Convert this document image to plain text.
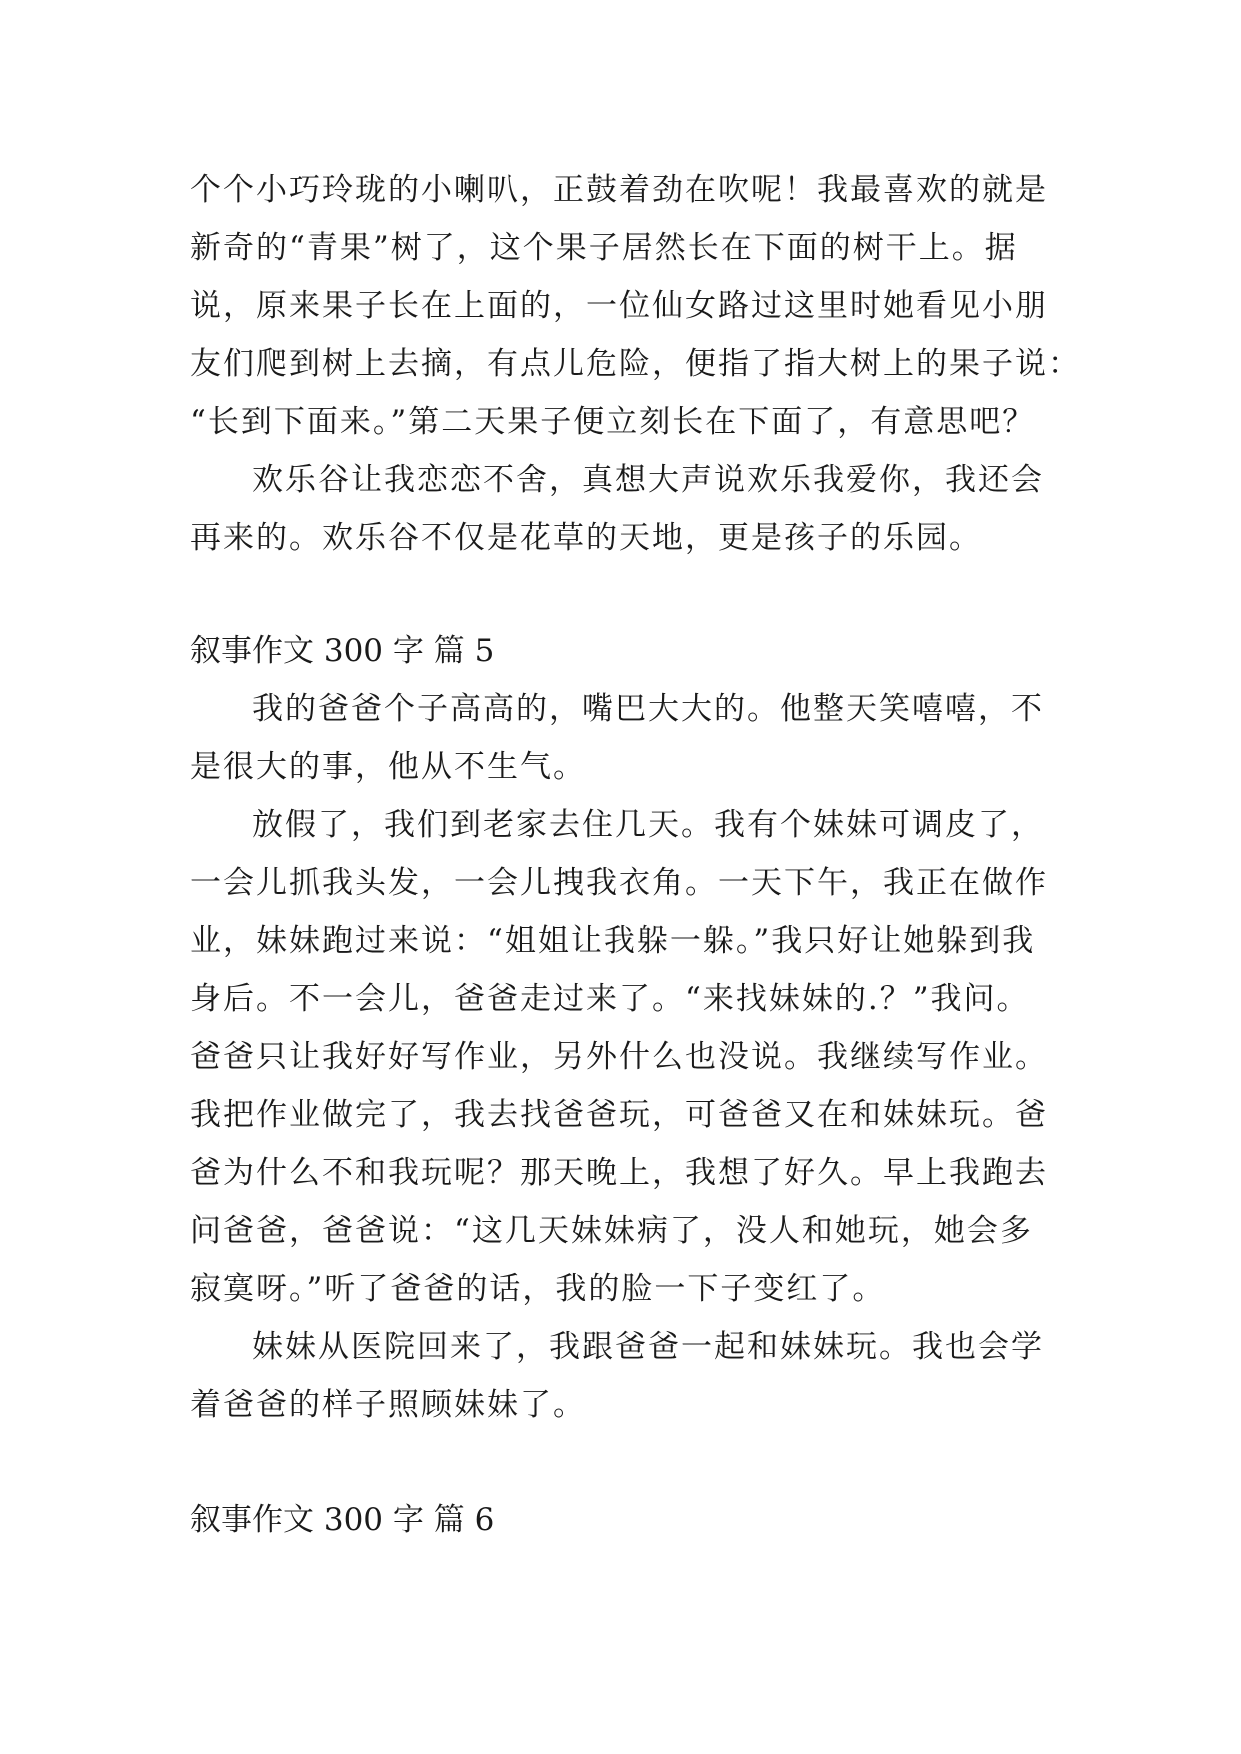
个个小巧玲珑的小喇叭，正鼓着劲在吹呢！我最喜欢的就是
新奇的“青果”树了，这个果子居然长在下面的树干上。据
说，原来果子长在上面的，一位仙女路过这里时她看见小朋
友们爬到树上去摘，有点儿危险，便指了指大树上的果子说：
“长到下面来。”第二天果子便立刻长在下面了，有意思吧？
欢乐谷让我恋恋不舍，真想大声说欢乐我爱你，我还会
再来的。欢乐谷不仅是花草的天地，更是孩子的乐园。
叙事作文 300 字 篇 5
我的爸爸个子高高的，嘴巴大大的。他整天笑嘻嘻，不
是很大的事，他从不生气。
放假了，我们到老家去住几天。我有个妹妹可调皮了，
一会儿抓我头发，一会儿拽我衣角。一天下午，我正在做作
业，妹妹跑过来说：“姐姐让我躲一躲。”我只好让她躲到我
身后。不一会儿，爸爸走过来了。“来找妹妹的.？”我问。
爸爸只让我好好写作业，另外什么也没说。我继续写作业。
我把作业做完了，我去找爸爸玩，可爸爸又在和妹妹玩。爸
爸为什么不和我玩呢？那天晚上，我想了好久。早上我跑去
问爸爸，爸爸说：“这几天妹妹病了，没人和她玩，她会多
寂寞呀。”听了爸爸的话，我的脸一下子变红了。
妹妹从医院回来了，我跟爸爸一起和妹妹玩。我也会学
着爸爸的样子照顾妹妹了。
叙事作文 300 字 篇 6
